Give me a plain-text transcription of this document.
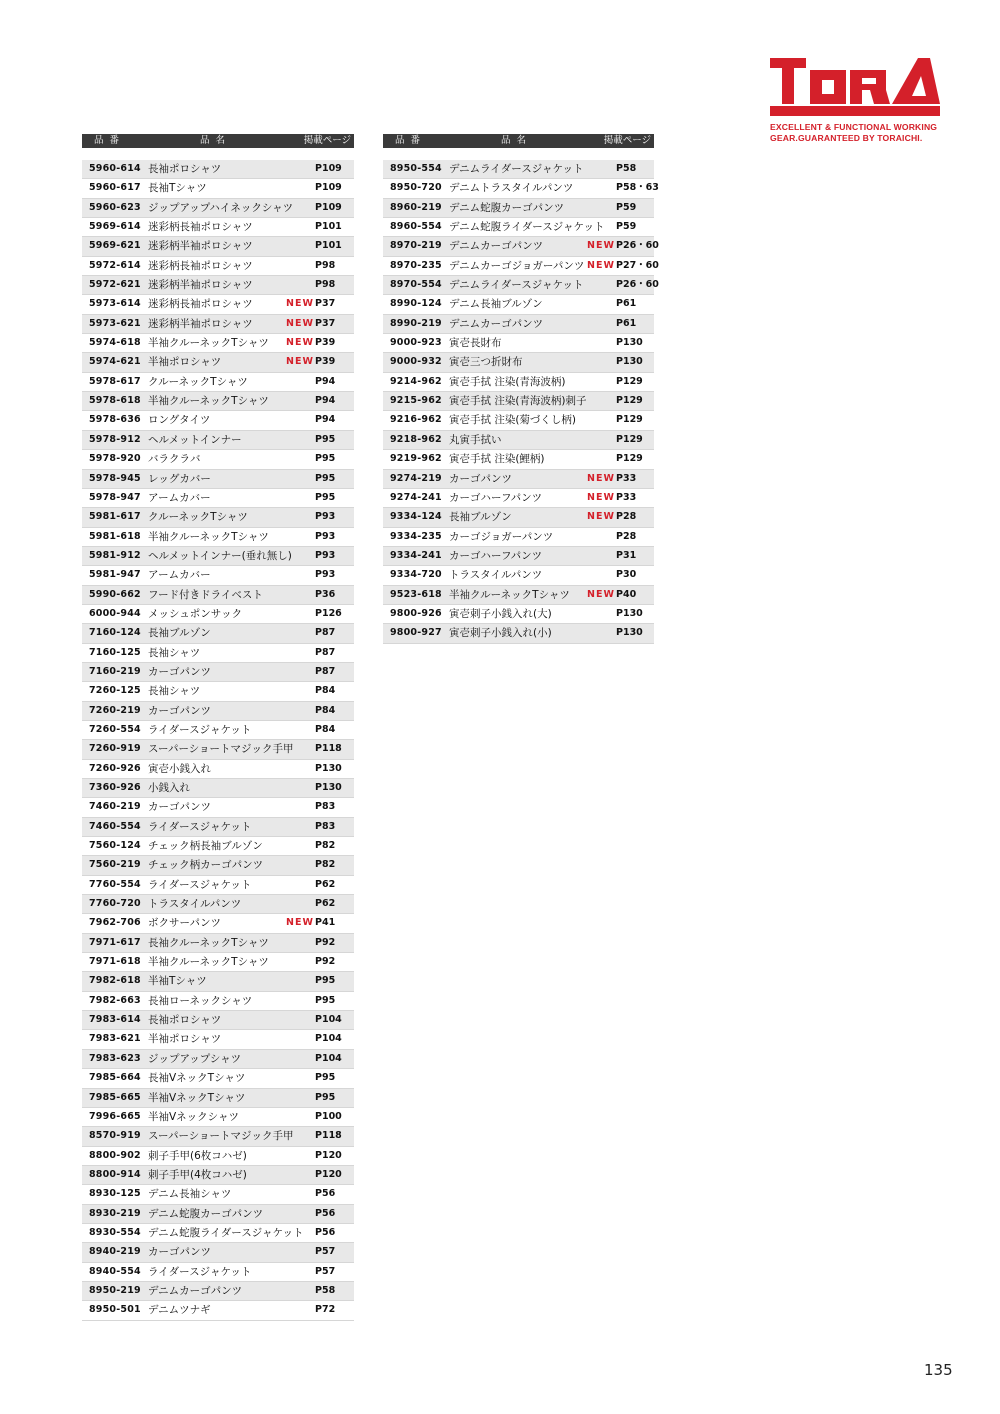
EXCELLENT & FUNCTIONAL WORKING
GEAR.GUARANTEED BY TORAICHI.
品番	品名	掲載ページ
5960-614 長袖ポロシャツ	P109
5960-617 長袖Tシャツ	P109
5960-623 ジップアップハイネックシャツ P109
5969-614 迷彩柄長袖ポロシャツ	P101
5969-621 迷彩柄半袖ポロシャツ	P101
5972-614 迷彩柄長袖ポロシャツ	P98
5972-621 迷彩柄半袖ポロシャツ	P98
5973-614 迷彩柄長袖ポロシャツ	NEW P37
5973-621 迷彩柄半袖ポロシャツ	NEW P37
5974-618 半袖クルーネックTシャツ NEW P39
5974-621 半袖ポロシャツ	NEW P39
5978-617 クルーネックTシャツ	P94
5978-618 半袖クルーネックTシャツ	P94
5978-636 ロングタイツ	P94
5978-912 ヘルメットインナー	P95
5978-920 バラクラバ	P95
5978-945 レッグカバー	P95
5978-947 アームカバー	P95
5981-617 クルーネックTシャツ	P93
5981-618 半袖クルーネックTシャツ	P93
5981-912 ヘルメットインナー(垂れ無し) P93
5981-947 アームカバー	P93
5990-662 フード付きドライベスト	P36
6000-944 メッシュポンサック	P126
7160-124 長袖ブルゾン	P87
7160-125 長袖シャツ	P87
7160-219 カーゴパンツ	P87
7260-125 長袖シャツ	P84
7260-219 カーゴパンツ	P84
7260-554 ライダースジャケット	P84
7260-919 スーパーショートマジック手甲 P118
7260-926 寅壱小銭入れ	P130
7360-926 小銭入れ	P130
7460-219 カーゴパンツ	P83
7460-554 ライダースジャケット	P83
7560-124 チェック柄長袖ブルゾン	P82
7560-219 チェック柄カーゴパンツ	P82
7760-554 ライダースジャケット	P62
7760-720 トラスタイルパンツ	P62
7962-706 ボクサーパンツ	NEW P41
7971-617 長袖クルーネックTシャツ	P92
7971-618 半袖クルーネックTシャツ	P92
7982-618 半袖Tシャツ	P95
7982-663 長袖ローネックシャツ	P95
7983-614 長袖ポロシャツ	P104
7983-621 半袖ポロシャツ	P104
7983-623 ジップアップシャツ	P104
7985-664 長袖VネックTシャツ	P95
7985-665 半袖VネックTシャツ	P95
7996-665 半袖Vネックシャツ	P100
8570-919 スーパーショートマジック手甲 P118
8800-902 刺子手甲(6枚コハゼ)	P120
8800-914 刺子手甲(4枚コハゼ)	P120
8930-125 デニム長袖シャツ	P56
8930-219 デニム蛇腹カーゴパンツ	P56
8930-554 デニム蛇腹ライダースジャケット P56
8940-219 カーゴパンツ	P57
8940-554 ライダースジャケット	P57
8950-219 デニムカーゴパンツ	P58
8950-501 デニムツナギ	P72
品番	品名	掲載ページ
8950-554 デニムライダースジャケット	P58
8950-720 デニムトラスタイルパンツ	P58・63
8960-219 デニム蛇腹カーゴパンツ	P59
8960-554 デニム蛇腹ライダースジャケット P59
8970-219 デニムカーゴパンツ	NEW P26・60
8970-235 デニムカーゴジョガーパンツ NEW P27・60
8970-554 デニムライダースジャケット	P26・60
8990-124 デニム長袖ブルゾン	P61
8990-219 デニムカーゴパンツ	P61
9000-923 寅壱長財布	P130
9000-932 寅壱三つ折財布	P130
9214-962 寅壱手拭 注染(青海波柄)	P129
9215-962 寅壱手拭 注染(青海波柄)刺子	P129
9216-962 寅壱手拭 注染(菊づくし柄)	P129
9218-962 丸寅手拭い	P129
9219-962 寅壱手拭 注染(鯉柄)	P129
9274-219 カーゴパンツ	NEW P33
9274-241 カーゴハーフパンツ	NEW P33
9334-124 長袖ブルゾン	NEW P28
9334-235 カーゴジョガーパンツ	P28
9334-241 カーゴハーフパンツ	P31
9334-720 トラスタイルパンツ	P30
9523-618 半袖クルーネックTシャツ NEW P40
9800-926 寅壱刺子小銭入れ(大)	P130
9800-927 寅壱刺子小銭入れ(小)	P130
135
